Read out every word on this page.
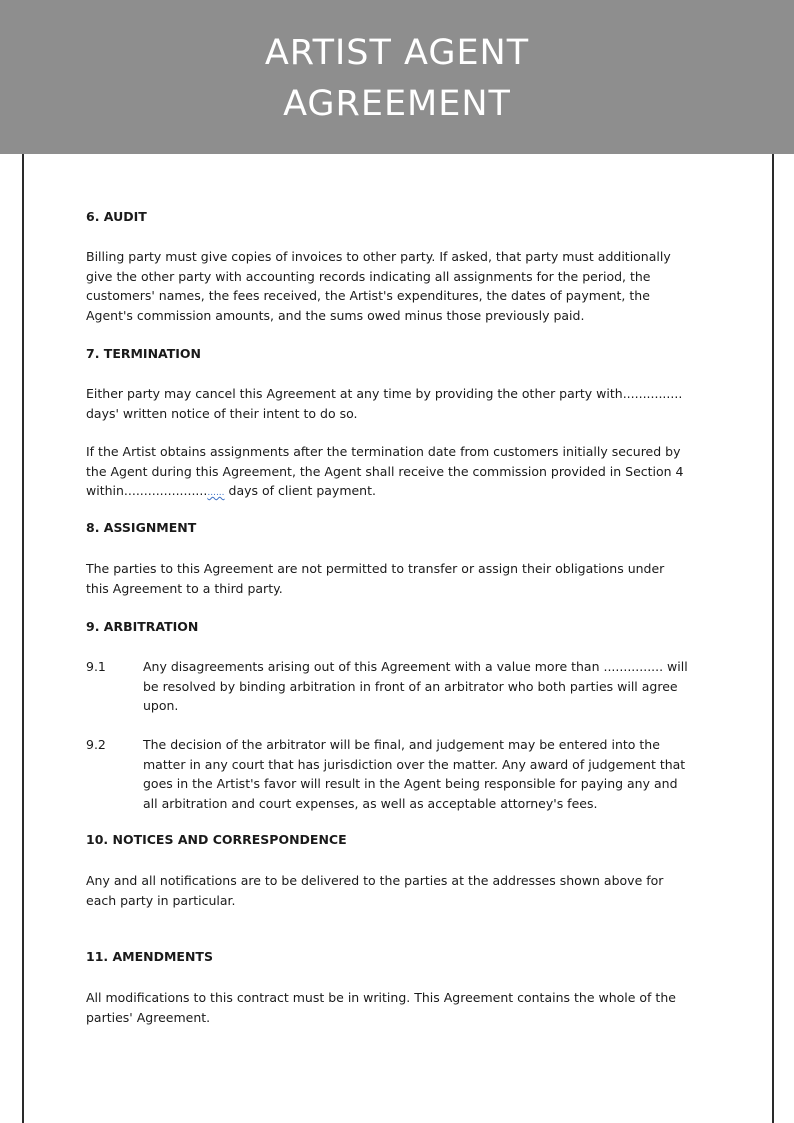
ARTIST AGENT
AGREEMENT
6. AUDIT
Billing party must give copies of invoices to other party. If asked, that party must additionally
give the other party with accounting records indicating all assignments for the period, the
customers' names, the fees received, the Artist's expenditures, the dates of payment, the
Agent's commission amounts, and the sums owed minus those previously paid.
7. TERMINATION
Either party may cancel this Agreement at any time by providing the other party with...............
days' written notice of their intent to do so.
If the Artist obtains assignments after the termination date from customers initially secured by
the Agent during this Agreement, the Agent shall receive the commission provided in Section 4
within........................... days of client payment.
8. ASSIGNMENT
The parties to this Agreement are not permitted to transfer or assign their obligations under
this Agreement to a third party.
9. ARBITRATION
9.1	Any disagreements arising out of this Agreement with a value more than ............... will
be resolved by binding arbitration in front of an arbitrator who both parties will agree
upon.
9.2	The decision of the arbitrator will be final, and judgement may be entered into the
matter in any court that has jurisdiction over the matter. Any award of judgement that
goes in the Artist's favor will result in the Agent being responsible for paying any and
all arbitration and court expenses, as well as acceptable attorney's fees.
10. NOTICES AND CORRESPONDENCE
Any and all notifications are to be delivered to the parties at the addresses shown above for
each party in particular.
11. AMENDMENTS
All modifications to this contract must be in writing. This Agreement contains the whole of the
parties' Agreement.
